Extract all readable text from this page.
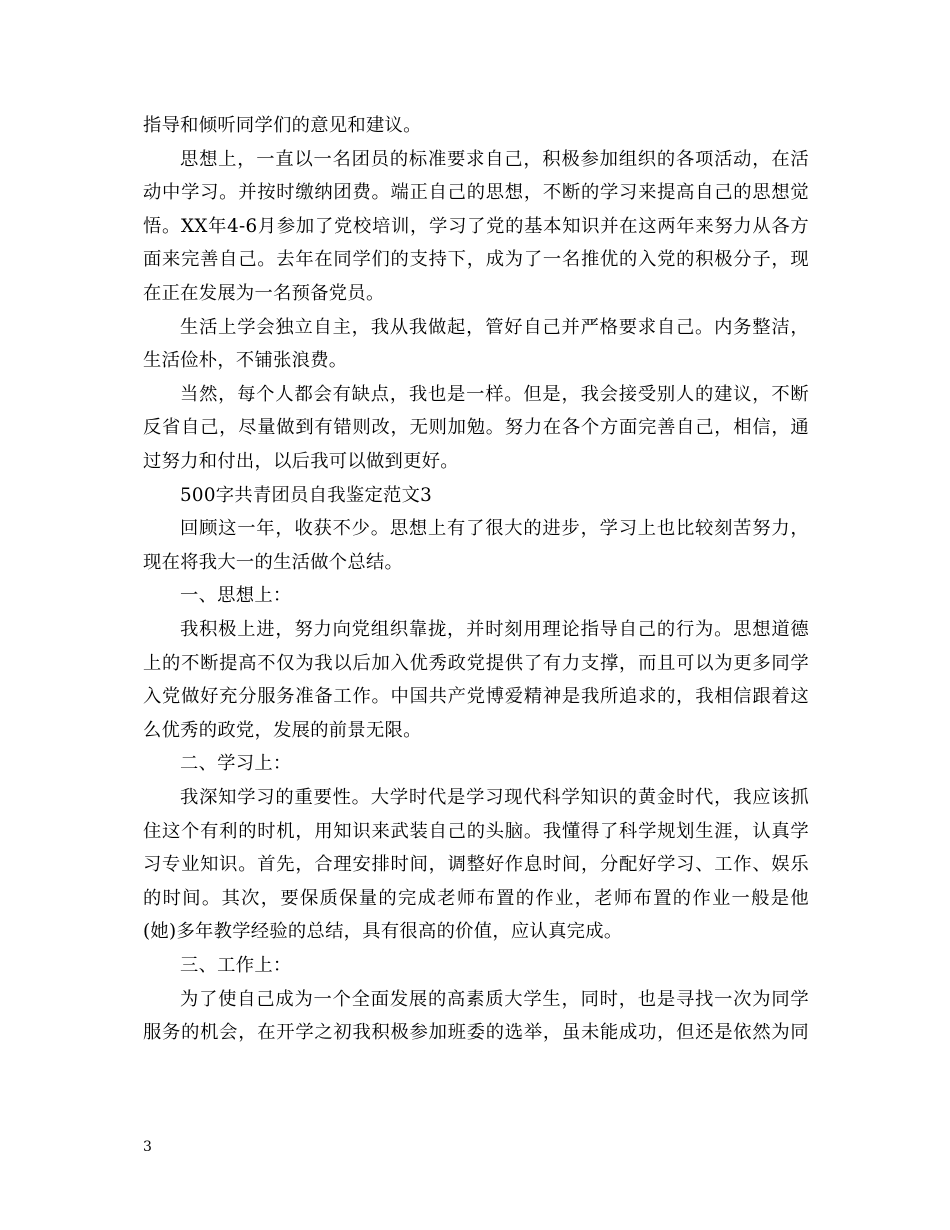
指导和倾听同学们的意见和建议。
思想上，一直以一名团员的标准要求自己，积极参加组织的各项活动，在活
动中学习。并按时缴纳团费。端正自己的思想，不断的学习来提高自己的思想觉
悟。XX年4-6月参加了党校培训，学习了党的基本知识并在这两年来努力从各方
面来完善自己。去年在同学们的支持下，成为了一名推优的入党的积极分子，现
在正在发展为一名预备党员。
生活上学会独立自主，我从我做起，管好自己并严格要求自己。内务整洁，
生活俭朴，不铺张浪费。
当然，每个人都会有缺点，我也是一样。但是，我会接受别人的建议，不断
反省自己，尽量做到有错则改，无则加勉。努力在各个方面完善自己，相信，通
过努力和付出，以后我可以做到更好。
500字共青团员自我鉴定范文3
回顾这一年，收获不少。思想上有了很大的进步，学习上也比较刻苦努力，
现在将我大一的生活做个总结。
一、思想上：
我积极上进，努力向党组织靠拢，并时刻用理论指导自己的行为。思想道德
上的不断提高不仅为我以后加入优秀政党提供了有力支撑，而且可以为更多同学
入党做好充分服务准备工作。中国共产党博爱精神是我所追求的，我相信跟着这
么优秀的政党，发展的前景无限。
二、学习上：
我深知学习的重要性。大学时代是学习现代科学知识的黄金时代，我应该抓
住这个有利的时机，用知识来武装自己的头脑。我懂得了科学规划生涯，认真学
习专业知识。首先，合理安排时间，调整好作息时间，分配好学习、工作、娱乐
的时间。其次，要保质保量的完成老师布置的作业，老师布置的作业一般是他
(她)多年教学经验的总结，具有很高的价值，应认真完成。
三、工作上：
为了使自己成为一个全面发展的高素质大学生，同时，也是寻找一次为同学
服务的机会，在开学之初我积极参加班委的选举，虽未能成功，但还是依然为同
3
